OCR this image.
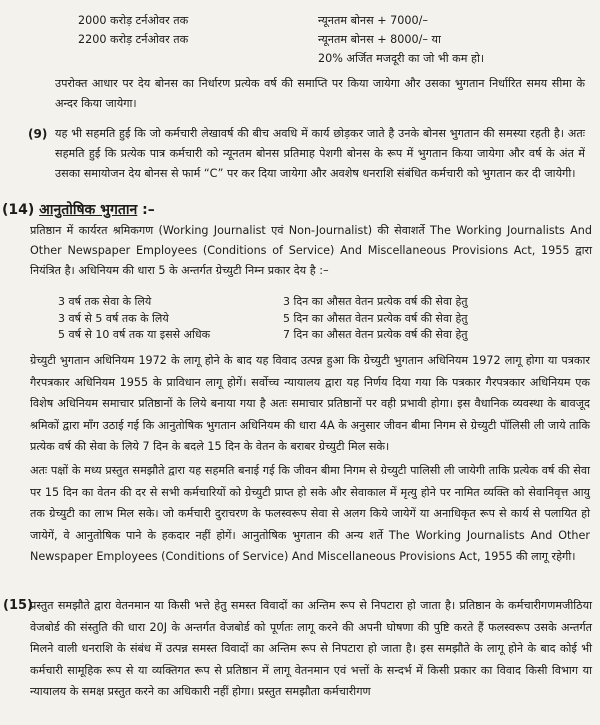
2000 करोड़ टर्नओवर तक	न्यूनतम बोनस + 7000/–
2200 करोड़ टर्नओवर तक	न्यूनतम बोनस + 8000/– या
20% अर्जित मजदूरी का जो भी कम हो।
उपरोक्त आधार पर देय बोनस का निर्धारण प्रत्येक वर्ष की समाप्ति पर किया जायेगा और उसका भुगतान निर्धारित समय सीमा के अन्दर किया जायेगा।
(9) यह भी सहमति हुई कि जो कर्मचारी लेखावर्ष की बीच अवधि में कार्य छोड़कर जाते है उनके बोनस भुगतान की समस्या रहती है। अतः सहमति हुई कि प्रत्येक पात्र कर्मचारी को न्यूनतम बोनस प्रतिमाह पेशगी बोनस के रूप में भुगतान किया जायेगा और वर्ष के अंत में उसका समायोजन देय बोनस से फार्म “C” पर कर दिया जायेगा और अवशेष धनराशि संबंधित कर्मचारी को भुगतान कर दी जायेगी।
(14) आनुतोषिक भुगतान :–
प्रतिष्ठान में कार्यरत श्रमिकगण (Working Journalist एवं Non-Journalist) की सेवाशर्ते The Working Journalists And Other Newspaper Employees (Conditions of Service) And Miscellaneous Provisions Act, 1955 द्वारा नियंत्रित है। अधिनियम की धारा 5 के अन्तर्गत ग्रेच्युटी निम्न प्रकार देय है :–
3 वर्ष तक सेवा के लिये
3 वर्ष से 5 वर्ष तक के लिये
5 वर्ष से 10 वर्ष तक या इससे अधिक
3 दिन का औसत वेतन प्रत्येक वर्ष की सेवा हेतु
5 दिन का औसत वेतन प्रत्येक वर्ष की सेवा हेतु
7 दिन का औसत वेतन प्रत्येक वर्ष की सेवा हेतु
ग्रेच्युटी भुगतान अधिनियम 1972 के लागू होने के बाद यह विवाद उत्पन्न हुआ कि ग्रेच्युटी भुगतान अधिनियम 1972 लागू होगा या पत्रकार गैरपत्रकार अधिनियम 1955 के प्राविधान लागू होगें। सर्वोच्च न्यायालय द्वारा यह निर्णय दिया गया कि पत्रकार गैरपत्रकार अधिनियम एक विशेष अधिनियम समाचार प्रतिष्ठानों के लिये बनाया गया है अतः समाचार प्रतिष्ठानों पर वही प्रभावी होगा। इस वैधानिक व्यवस्था के बावजूद श्रमिकों द्वारा माँग उठाई गई कि आनुतोषिक भुगतान अधिनियम की धारा 4A के अनुसार जीवन बीमा निगम से ग्रेच्युटी पॉलिसी ली जाये ताकि प्रत्येक वर्ष की सेवा के लिये 7 दिन के बदले 15 दिन के वेतन के बराबर ग्रेच्युटी मिल सके।
अतः पक्षों के मध्य प्रस्तुत समझौते द्वारा यह सहमति बनाई गई कि जीवन बीमा निगम से ग्रेच्युटी पालिसी ली जायेगी ताकि प्रत्येक वर्ष की सेवा पर 15 दिन का वेतन की दर से सभी कर्मचारियों को ग्रेच्युटी प्राप्त हो सके और सेवाकाल में मृत्यु होने पर नामित व्यक्ति को सेवानिवृत्त आयु तक ग्रेच्युटी का लाभ मिल सके। जो कर्मचारी दुराचरण के फलस्वरूप सेवा से अलग किये जायेगें या अनाधिकृत रूप से कार्य से पलायित हो जायेगें, वे आनुतोषिक पाने के हकदार नहीं होगें। आनुतोषिक भुगतान की अन्य शर्ते The Working Journalists And Other Newspaper Employees (Conditions of Service) And Miscellaneous Provisions Act, 1955 की लागू रहेगी।
(15)
प्रस्तुत समझौते द्वारा वेतनमान या किसी भत्ते हेतु समस्त विवादों का अन्तिम रूप से निपटारा हो जाता है। प्रतिष्ठान के कर्मचारीगणमजीठिया वेजबोर्ड की संस्तुति की धारा 20J के अन्तर्गत वेजबोर्ड को पूर्णतः लागू करने की अपनी घोषणा की पुष्टि करते हैं फलस्वरूप उसके अन्तर्गत मिलने वाली धनराशि के संबंध में उत्पन्न समस्त विवादों का अन्तिम रूप से निपटारा हो जाता है। इस समझौते के लागू होने के बाद कोई भी कर्मचारी सामूहिक रूप से या व्यक्तिगत रूप से प्रतिष्ठान में लागू वेतनमान एवं भत्तों के सन्दर्भ में किसी प्रकार का विवाद किसी विभाग या न्यायालय के समक्ष प्रस्तुत करने का अधिकारी नहीं होगा। प्रस्तुत समझौता कर्मचारीगण
